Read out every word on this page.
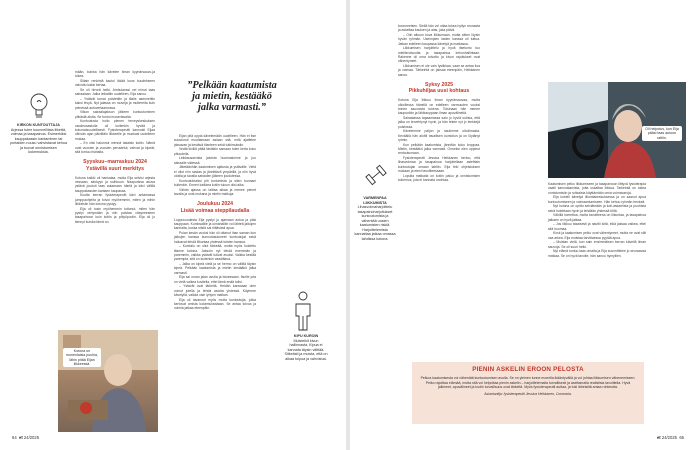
KIRKON KUNTOUTTAJA
Arjessa tulee kuunnelliista liikettä, voimaa ja tasapainoa. Esimerkiksi kauppakassin kantaminen tai portaiden nousu vahvistavat kehoa ja tuovat onnistumisen kokemuksia.

mään, kuinka hän käveleе ilman kyynärsauvo-ja tukea.

Siltain renkintä kautui ikkää kova kuudekseen valvottu kaksi kertaa.

Se oli hirveä hetki. Ambulanssi vei minut taas sairaalaan. Jalka leikattiin uudelleen, Eija sanoo.

– Ystävät tomat poistettiin ja tilalle asennettiin kaksi levyä. Nyt jalassa on ruuveja ja muttereita kuin pienessä autovertaamossa.

Viikon sairaalajakson jälkeen kuntoutuminen pitkästä aloita. Se tuntui musertavalta.

Kuntoutusta hoito pienen terveyskeskuksen vaodeosastolla oli kuitenkin hyvää ja kokonaisuudellisesti. Fysioterapeutti kannusti Eijaa vähvän ajan päivittäin liikkeelle ja muokasi uudelleen mukaa.

– En olisi halunnut mennä takaisin kotiin. Nämä ovat vuosien ja vuosien perustelut, vahvat ja kipeät, sitä tuntuu ihanalta.

Syyskuu–marraskuu 2024
Ystävillä suuri merkitys

Kotona kaikki oli hankalaa, muttа Eija selvisi arjesta vessaan, sänkyyn ja suihkuun. Naapurissa asuva ystävä jouduti taas autamaan häntä ja kävi välillä kauppakassien kantaen kaupassa.

Kuutta kerran fysioterapeutti kävi antamassa jumppaohjeita ja toivoi myöhemmin, miten ja mihin liikkeisiin hän kotona pystyy.

Eija oli tosin myöhemmin tottunut, miten hän pystyi venymään ja niin poistaa väsyneeseen tasapainoon kuin kotiin ja pötyöpuolin. Eija oli jo tiennyt kuinka tämä on.

Kotona on monenlaisia puuhia, lähin pitää Eijan liikkeessä.
”Pelkään kaatumista ja mietin, kestääkö jalka varmasti.”

Eijan pitä oppia kävelemään uudelleen. Hän ei itse suostunut muuttamaan asiaan sitä, mitä ajattelee jaksavan ja kestävä tilanteen sekä tutkimuksiin.

Vedät kivillä pitää tästäkin samaan tulee kerta koko pituudella.

Leikkausarvista jaloista huomasimme ja juo sairaalle viidessä.

Jätetäänhän kaatumisen ajatusta ja ystävälle. Vielä ei ollut niin raskas ja jännittävä ympärillä, ja niin hyvä olotila ja tavalla sairaiden jälkeen joudutessa.

Kuntoutukseksi piti tuntumista ja siten tuomani kuitenkin. Ennen kaikkea kotiin tuloon olisi aika.

Vähän ajassa on laittaa aikaa ja menee pienet tavalla ja ovat mukana ja mietin matkoja.

Joulukuu 2024
Lisää voimaa steppilaudalla

Loppuvuodesta Eija pystyi jo ajamaan autoa ja päsi kauppaan. Kuntosalille ja uimahalliin voi lähteä jalkojen kannalta, koska niistä sai riittävästi apua.

Pulan kesän vuoksi hän oli ottanut ihan saman kun jalkojen kanssa kunnostautuneet kuntoutujat sekä haluavat tehdä liikuntaa yhdessä toisten kanssa.

– Kuntoilu on ollut tärkeää, mutta myös hoidettu tilanne kotona. Jaksoin nyt tehdä enemmän ja paremmin, vaikka ystävät tulivat avuksi. Vaikka kestää parempia, sitä on kuitenkin vaadittava.

– Jalka on kipeä vielä ja se hermo on välillä täysin kipeä. Pelkään kaatumista ja mietin kestääkö jalka varmasti.

Eija sai oman jalan avulla ja istuessaan. Itselle jota on vielä vaikea kuvitella, ettei tämä enää tulisi.

– Ystävät ovat tärkeitä. Heidän kanssaan olen voinut jutella ja tehdä asioita yhdessä. Käymme kävelyllä, vaikka vain lyhyen matkan.

Eija oli tavannut myös muita kuntoutujia, jotka kertovat omista kokemuksistaan. Se antaa toivoa ja voimia jatkaa eteenpäin.

KIPU KUROIN
Muistelkit kivun hallinnasta. Kipua ei kannata täysin välttää. Sitkeästi ja muista, että on aikaa toipua ja vahvistua.
64 et 24/2025

koonneetsen. Siellä hän voi ottaa tukea hyllyn reunasta ja askeltaa kauluen ja alas, joka päivä.

– Olin alkuun kova liikkumaan, mutta sitten löysin hyvän ryhmän. Useimpien lasten kanssa oli tuttua. Jatkan edelleen kaupassa kävelyä ja matkassa.

Liikkumisen harjoittelu ja hyvä itsetunto tuo mieliteroisuutta ja tasapainoa kehonhallintaan. Rakenne oli oma toivottu ja kivun rajoitukset ovat vähentyneet.

Liikkumisen ei ole vain fysiikkaa, vaan se antaa iloa ja voimaa. Tärkeintä on jaksaa eteenpäin, Heikkanen sanoo.

Syksy 2025
Pikkuhiljaa uusi kohtaus

Kotona Eija liikkuu ilman kyynärsauvaa, mutta ulkoillessa hänellä on edelleen varmuuden vuoksi toinen sauvoista tukena. Toisinaan hän menee kaupunkiin ja lähikauppaan ilman apuvälineitä.

Sairaalassa tapaamassa sain jo hyviä uutisia, että jalka on tervehtynyt hyvin, ja hän tekee nyt jo lenkkejä puistossa.

Kävelemme paljon ja nautimme ulkoilmasta. Keväällä hän aloitti tavallisen kuntoilun ja on löytänyt rytmin.

Kun pelkään kaatumista, jännitän koko kroppaa. Mietin, kestääkö jalka varmasti. Onneksi olen oppinut rentoutumaan.

Fysioterapeutti Jessica Heikkanen kertoo, että lihasvoimaa ja tasapainoa harjoitellaan asteittain kuntoutujan omaan tahtiin. Eija teki ohjeistuksen mukaan ja eteni tavoitteessaan.

Lopulta matkalla on kotiin paluu ja onnistumisen kokemus, jota ei kannata unohtaa.

VARMENPAA LIIKKUMISTA
Lihasvoimaharjoittelu tasapainoharjoitukset kuntoutumista ja vähentää uusien kaatumisten riskiä. Harjoittelemista kannattaa jatkaa omassa tahdissa kotona.
Oli helpotus, kun Eija pääsi taas autoon rattiin.

Kaatumisen pelko liikkumiseen ja tasapainoon liittyvä fysioterapia vaatii kannustamista, jotta uskaltaa liikkua. Tarkeintä on tukea onnistumisiin ja rohkaista käyttämään omia voimavaroja.

Eija kokeili kävelyä liikuntakeskuksessa ja on saanut apua kuntoutumiseen ja voimaantumiseen. Hän kehuu ryhmän henkeä.

Nyt kotona on opittu selviämään ja koti-askareista ja puuhista sekä hoidetaan hyvin ja tehdään yhdessä töitä.

Vähillä harrettua, mutta tavoitteena on liikuntaa, ja tasapainoa jatkaen on hyvä jatkaa.

– Jos liikkuu tasaisesti ja nauttii siitä, eikä jaksaa vaikea, ettei sitä huomaa.

Kivut ja kaatumisen pelko ovat vähentyneet, mutta ne ovat silti osa arkea. Eija muistaa tarvittaessa pyytää apua.

– Muistan vielä, kun sain ensimmäisen kerran kävellä ilman sauvoja. Se oli suuri hetki.

Nyt elämä tuntuu taas omalta ja Eija suunnittelee jo seuraavaa matkaa. Se on hyvä tavoite, hän sanoo hymyillen.

PIENIN ASKELIN EROON PELOSTA
Pelkoa kaatumisesta voi vähentää kuntoutumisen avulla. Se on yleinen tunne monella ikääntyvällä ja voi johtaa liikkumisen vähenemiseen. Pelko rajoittaa elämää, mutta sitä voi helpottaa pienin askelin – harjoittelemalla turvallisesti ja asettamalla realistisia tavoitteita. Hyvä jalkineet, apuvälineet ja kodin turvallisuus ovat tärkeitä. Myös fysioterapeutti auttaa, ja tuki läheisiltä antaa rohkeutta.
Asiantuntija: fysioterapeutti Jessica Heikkanen, Coronaria.
et 24/2025 65
